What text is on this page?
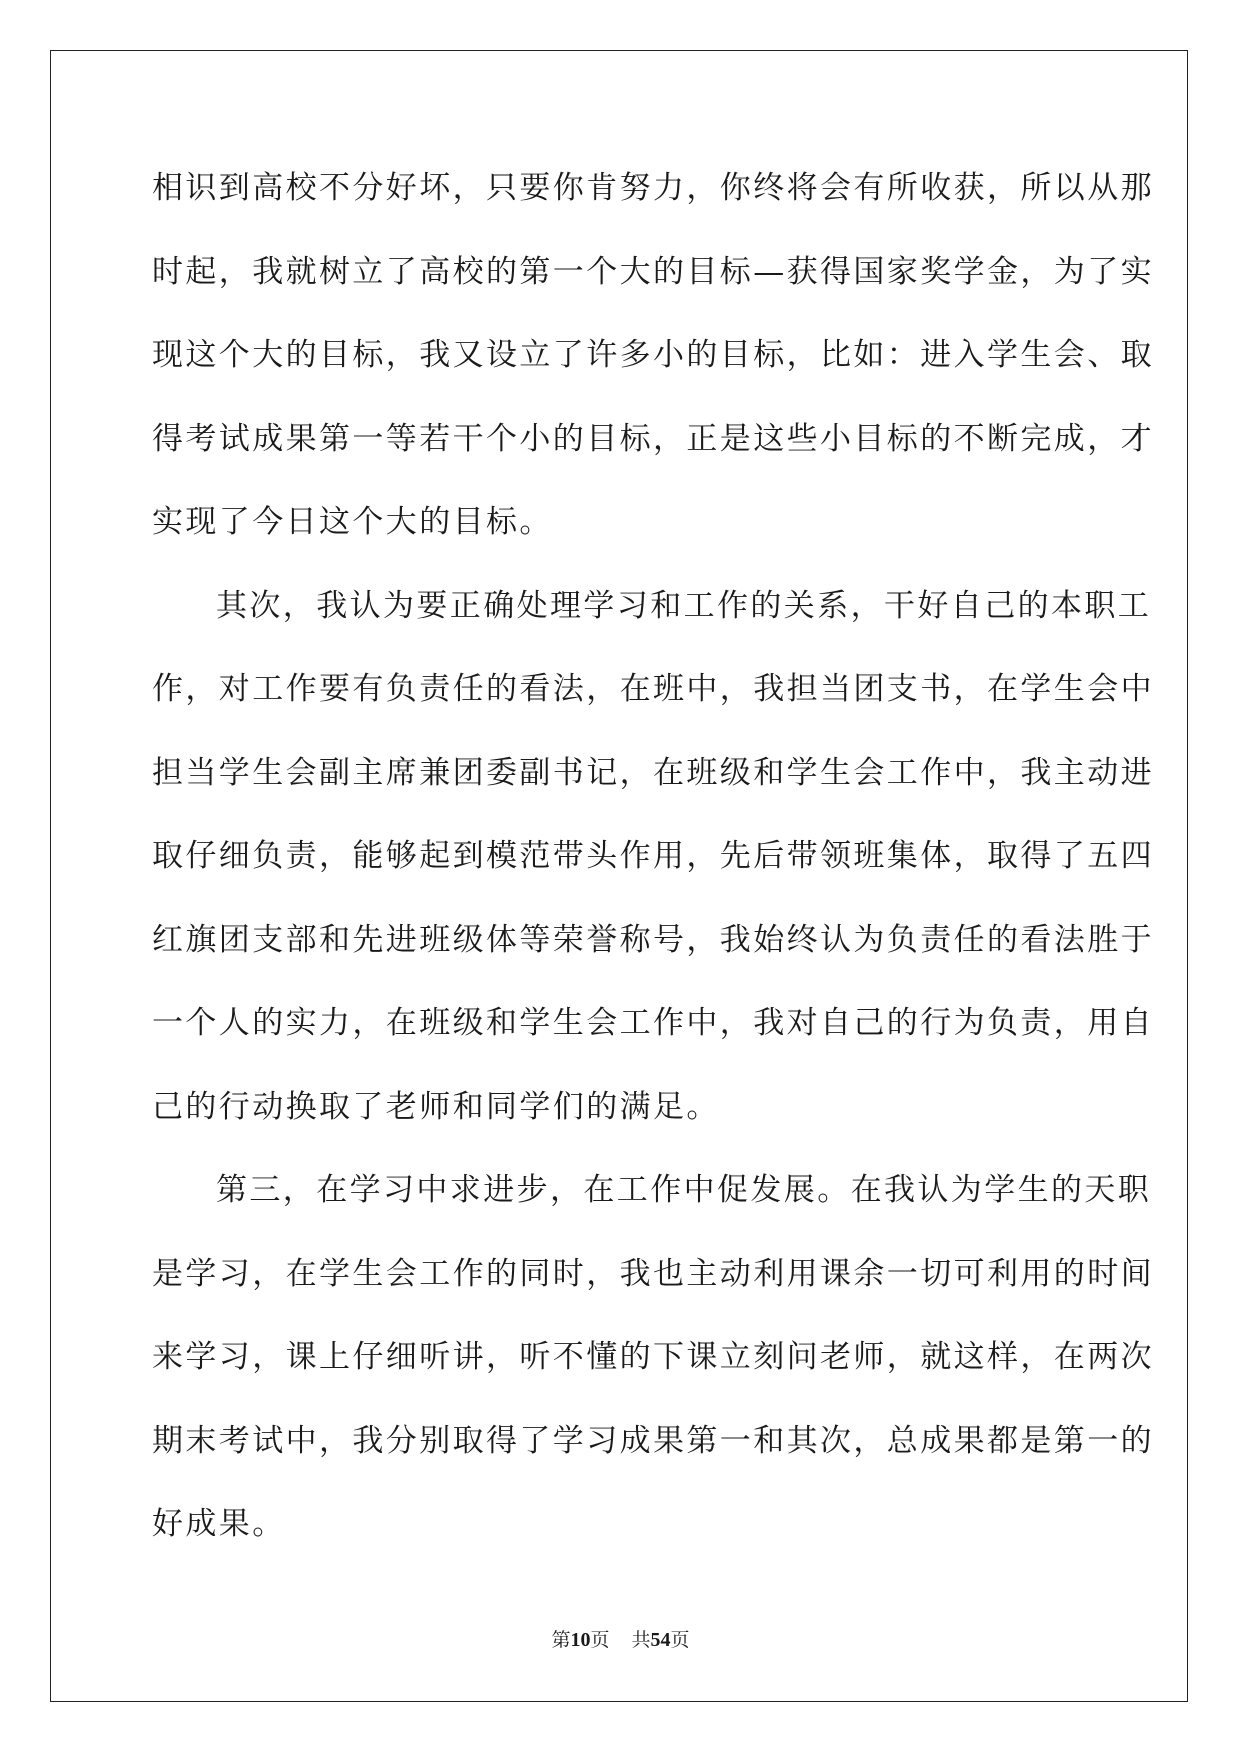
相识到高校不分好坏，只要你肯努力，你终将会有所收获，所以从那
时起，我就树立了高校的第一个大的目标—获得国家奖学金，为了实
现这个大的目标，我又设立了许多小的目标，比如：进入学生会、取
得考试成果第一等若干个小的目标，正是这些小目标的不断完成，才
实现了今日这个大的目标。
其次，我认为要正确处理学习和工作的关系，干好自己的本职工
作，对工作要有负责任的看法，在班中，我担当团支书，在学生会中
担当学生会副主席兼团委副书记，在班级和学生会工作中，我主动进
取仔细负责，能够起到模范带头作用，先后带领班集体，取得了五四
红旗团支部和先进班级体等荣誉称号，我始终认为负责任的看法胜于
一个人的实力，在班级和学生会工作中，我对自己的行为负责，用自
己的行动换取了老师和同学们的满足。
第三，在学习中求进步，在工作中促发展。在我认为学生的天职
是学习，在学生会工作的同时，我也主动利用课余一切可利用的时间
来学习，课上仔细听讲，听不懂的下课立刻问老师，就这样，在两次
期末考试中，我分别取得了学习成果第一和其次，总成果都是第一的
好成果。
第10页 共54页
